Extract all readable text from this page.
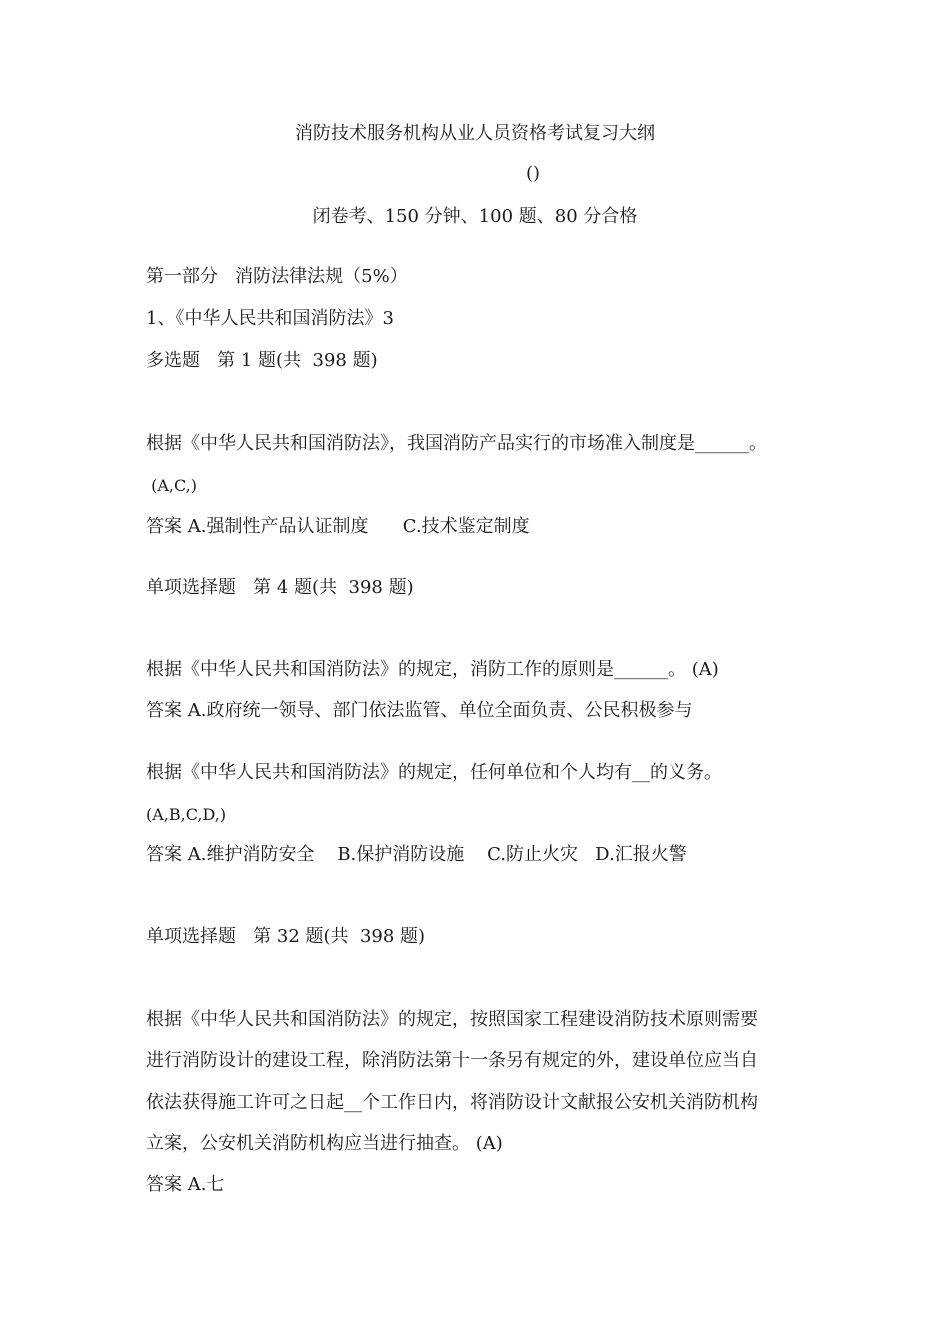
消防技术服务机构从业人员资格考试复习大纲
()
闭卷考、150 分钟、100 题、80 分合格
第一部分   消防法律法规（5%）
1、《中华人民共和国消防法》3
多选题   第 1 题(共  398 题)
根据《中华人民共和国消防法》，我国消防产品实行的市场准入制度是______。
(A,C,)
答案 A.强制性产品认证制度      C.技术鉴定制度
单项选择题   第 4 题(共  398 题)
根据《中华人民共和国消防法》的规定，消防工作的原则是______。 (A)
答案 A.政府统一领导、部门依法监管、单位全面负责、公民积极参与
根据《中华人民共和国消防法》的规定，任何单位和个人均有__的义务。
(A,B,C,D,)
答案 A.维护消防安全    B.保护消防设施    C.防止火灾   D.汇报火警
单项选择题   第 32 题(共  398 题)
根据《中华人民共和国消防法》的规定，按照国家工程建设消防技术原则需要
进行消防设计的建设工程，除消防法第十一条另有规定的外，建设单位应当自
依法获得施工许可之日起__个工作日内，将消防设计文献报公安机关消防机构
立案，公安机关消防机构应当进行抽查。 (A)
答案 A.七
